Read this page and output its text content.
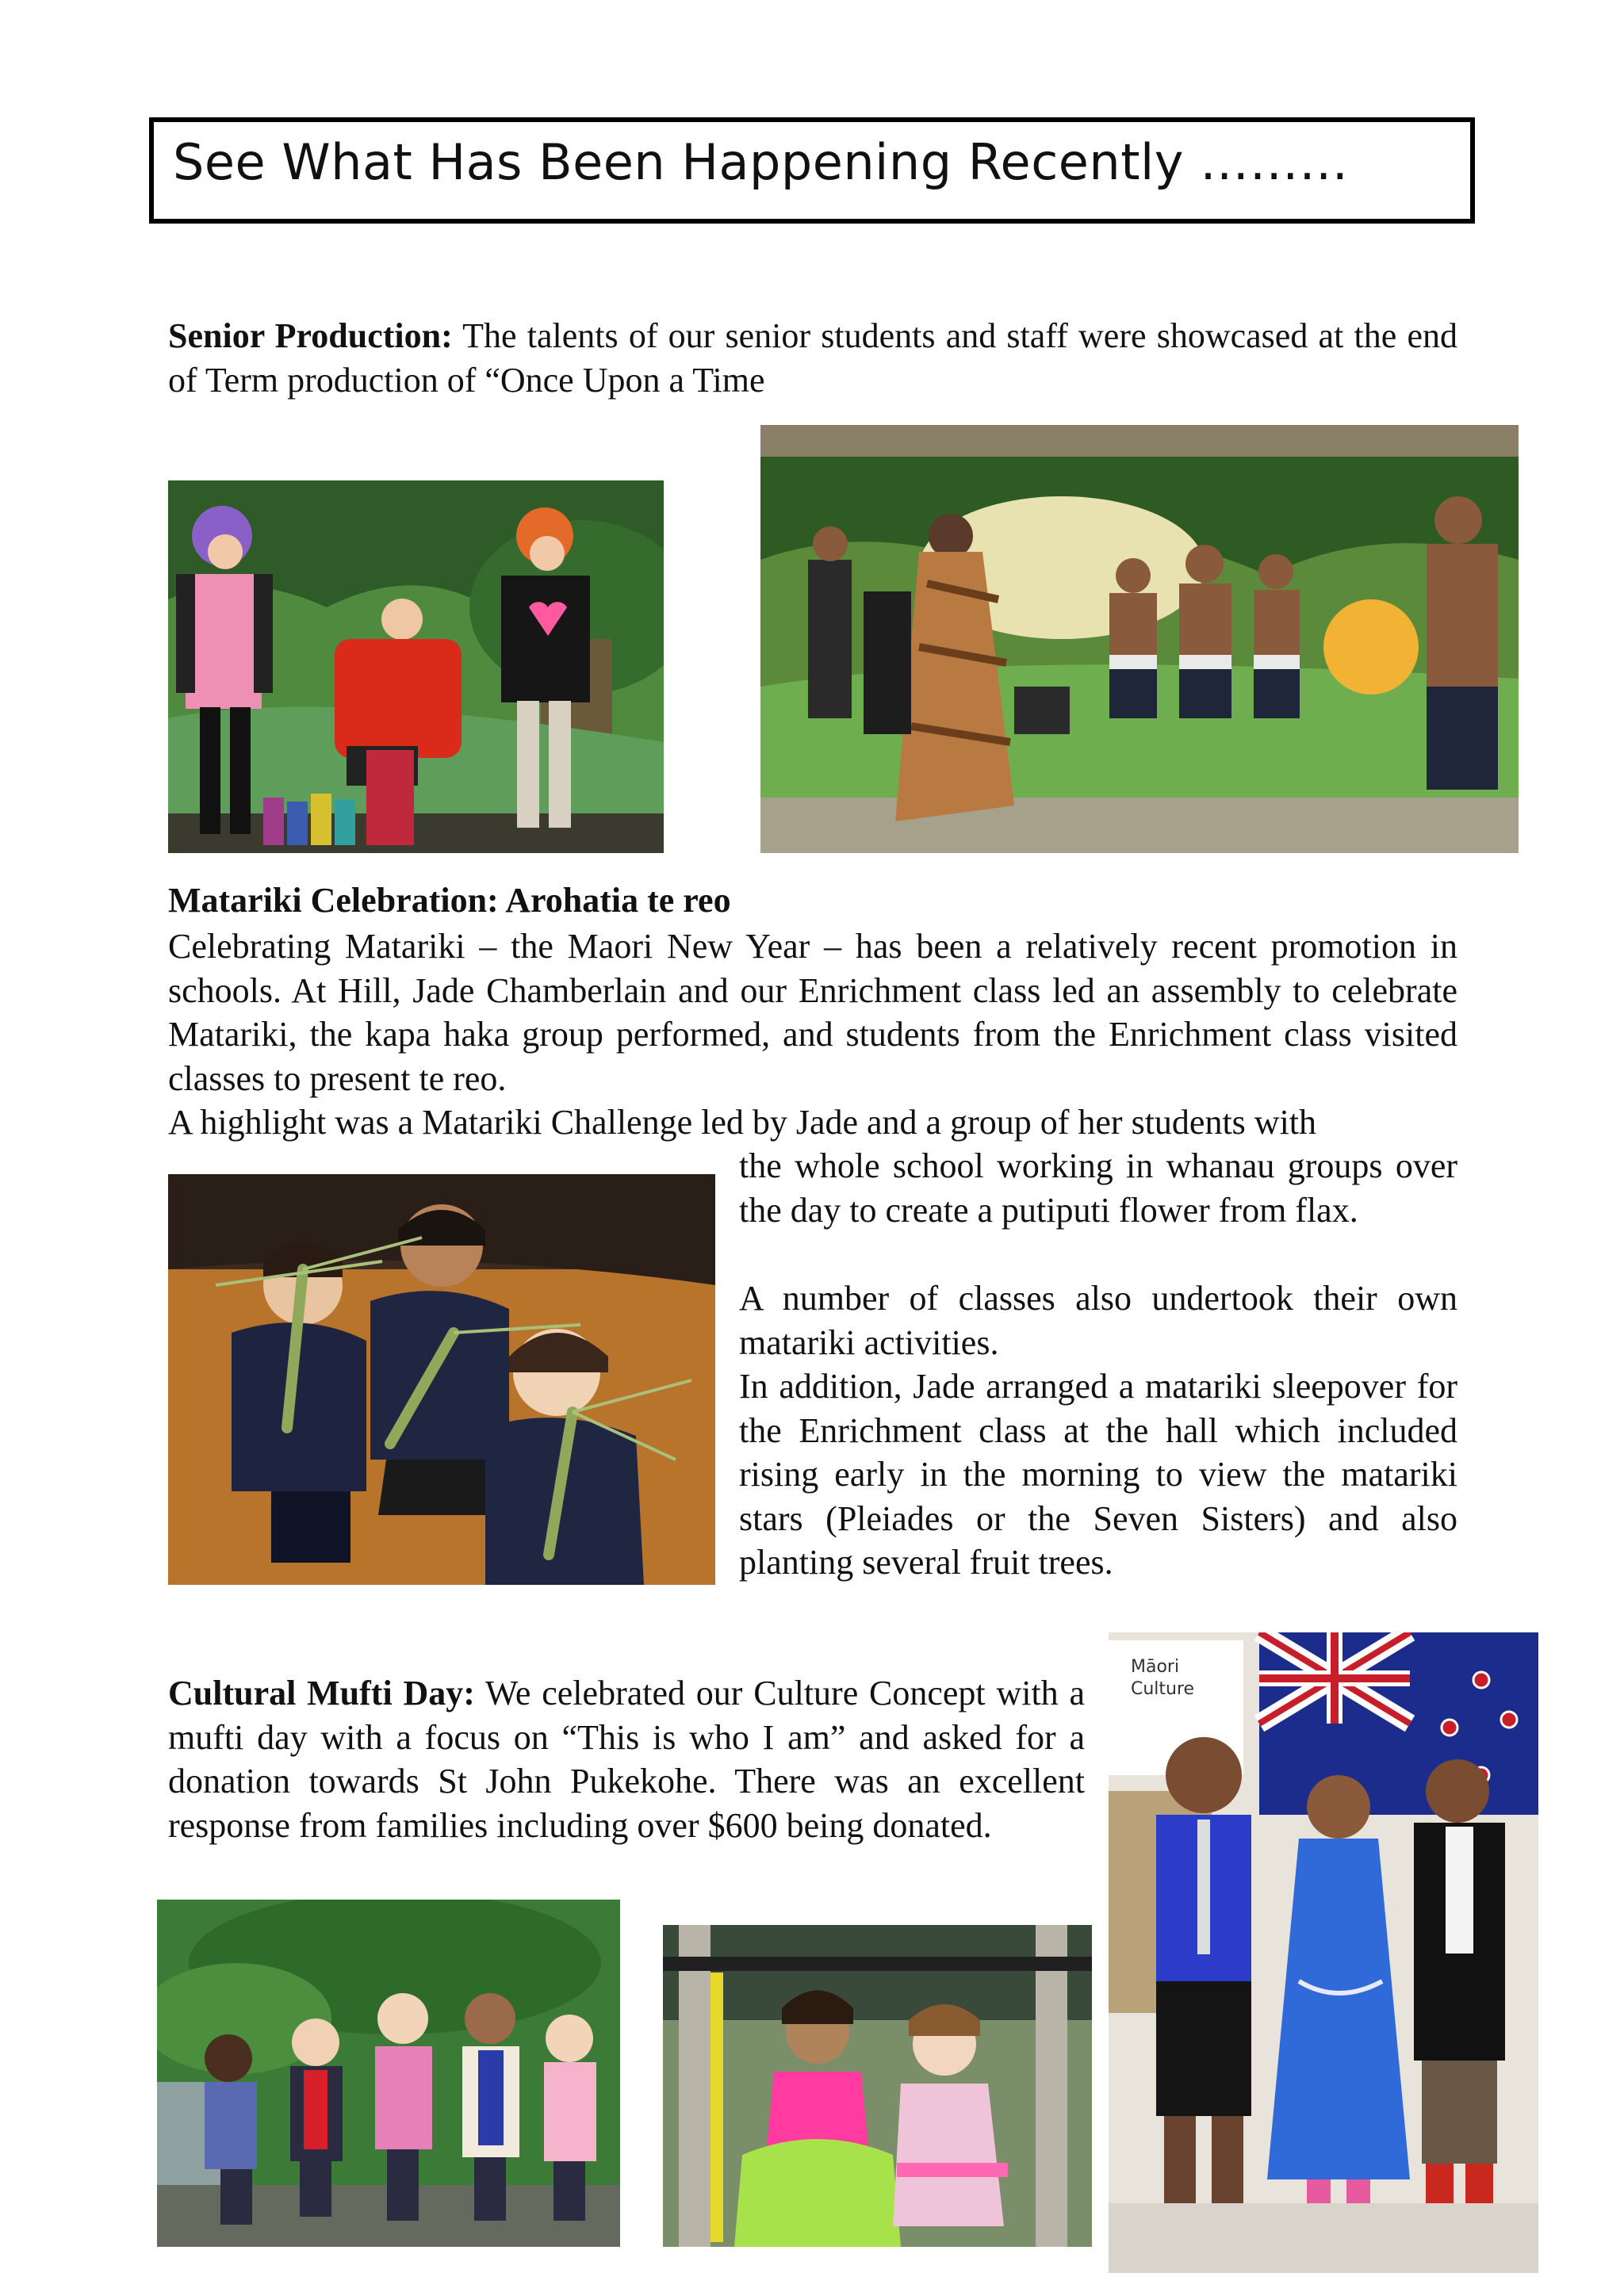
See What Has Been Happening Recently ………

Senior Production: The talents of our senior students and staff were showcased at the end of Term production of “Once Upon a Time

Matariki Celebration: Arohatia te reo

Celebrating Matariki – the Maori New Year – has been a relatively recent promotion in schools. At Hill, Jade Chamberlain and our Enrichment class led an assembly to celebrate Matariki, the kapa haka group performed, and students from the Enrichment class visited classes to present te reo.

A highlight was a Matariki Challenge led by Jade and a group of her students with

the whole school working in whanau groups over the day to create a putiputi flower from flax.

A number of classes also undertook their own matariki activities.

In addition, Jade arranged a matariki sleepover for the Enrichment class at the hall which included rising early in the morning to view the matariki stars (Pleiades or the Seven Sisters) and also planting several fruit trees.

Cultural Mufti Day: We celebrated our Culture Concept with a mufti day with a focus on “This is who I am” and asked for a donation towards St John Pukekohe. There was an excellent response from families including over $600 being donated.

Māori
Culture
